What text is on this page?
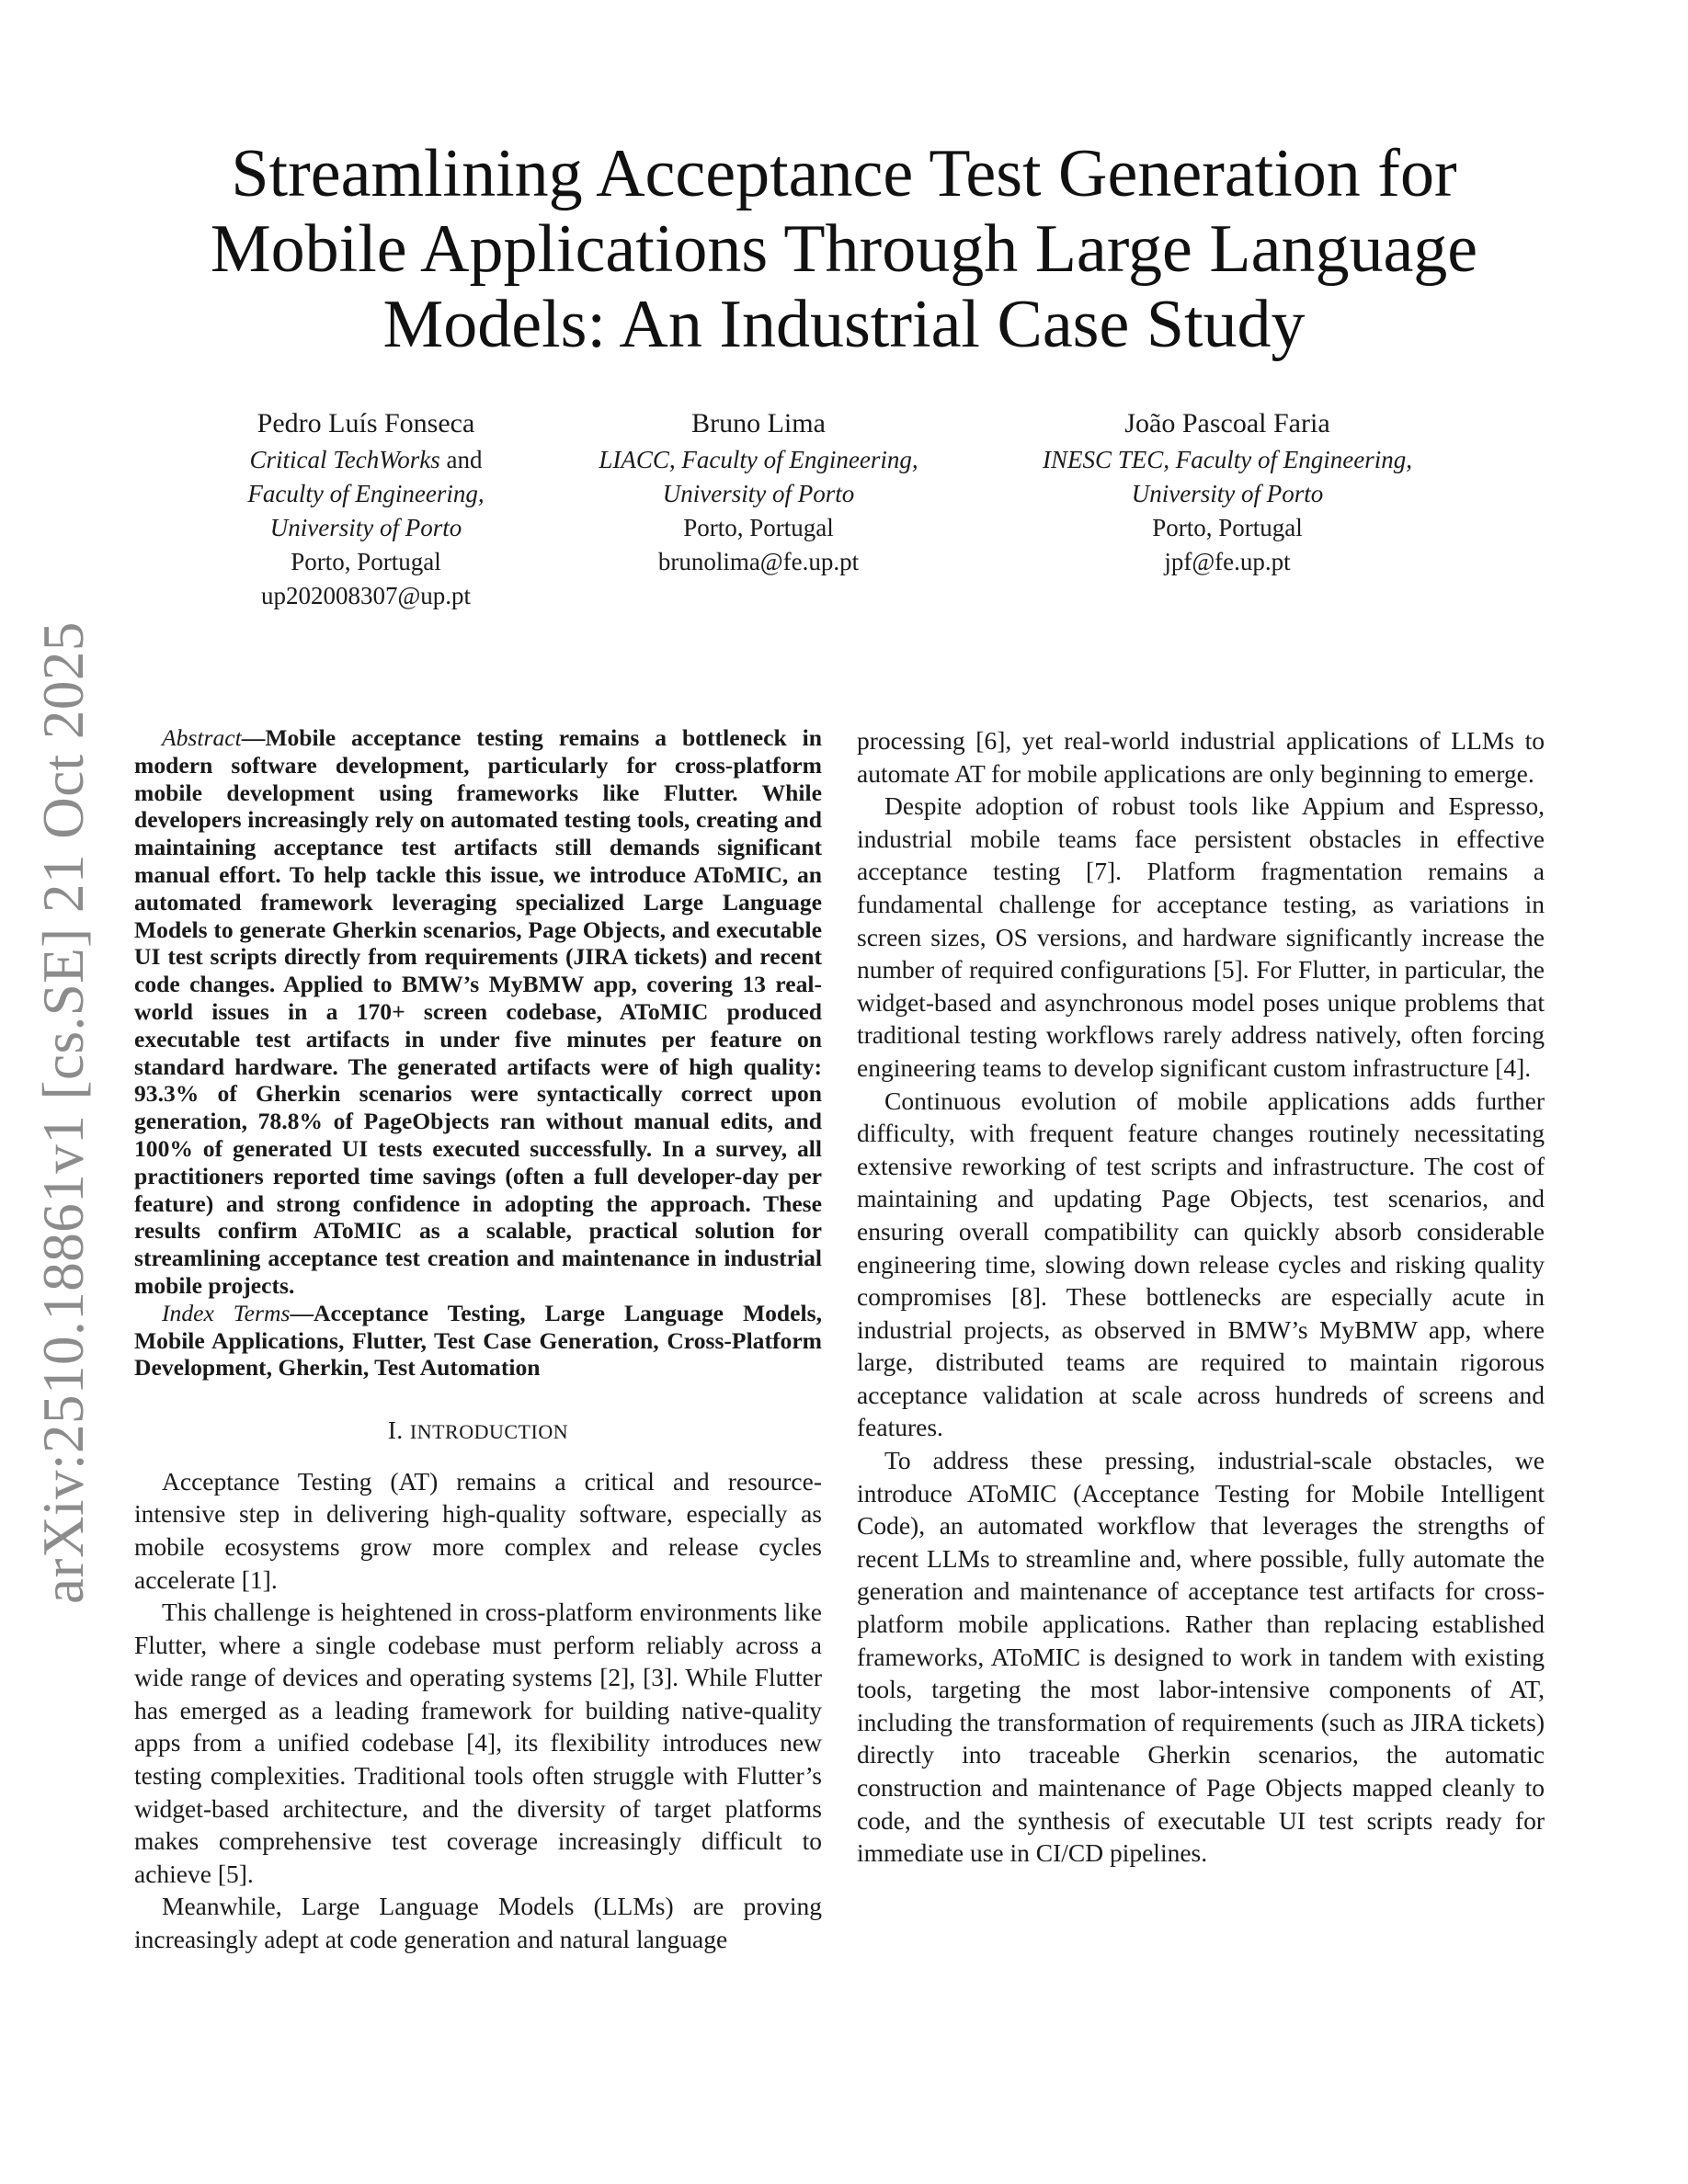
arXiv:2510.18861v1 [cs.SE] 21 Oct 2025
Streamlining Acceptance Test Generation for Mobile Applications Through Large Language Models: An Industrial Case Study
Pedro Luís Fonseca
Critical TechWorks and
Faculty of Engineering,
University of Porto
Porto, Portugal
up202008307@up.pt
Bruno Lima
LIACC, Faculty of Engineering,
University of Porto
Porto, Portugal
brunolima@fe.up.pt
João Pascoal Faria
INESC TEC, Faculty of Engineering,
University of Porto
Porto, Portugal
jpf@fe.up.pt

Abstract—Mobile acceptance testing remains a bottleneck in modern software development, particularly for cross-platform mobile development using frameworks like Flutter. While developers increasingly rely on automated testing tools, creating and maintaining acceptance test artifacts still demands significant manual effort. To help tackle this issue, we introduce AToMIC, an automated framework leveraging specialized Large Language Models to generate Gherkin scenarios, Page Objects, and executable UI test scripts directly from requirements (JIRA tickets) and recent code changes. Applied to BMW’s MyBMW app, covering 13 real-world issues in a 170+ screen codebase, AToMIC produced executable test artifacts in under five minutes per feature on standard hardware. The generated artifacts were of high quality: 93.3% of Gherkin scenarios were syntactically correct upon generation, 78.8% of PageObjects ran without manual edits, and 100% of generated UI tests executed successfully. In a survey, all practitioners reported time savings (often a full developer-day per feature) and strong confidence in adopting the approach. These results confirm AToMIC as a scalable, practical solution for streamlining acceptance test creation and maintenance in industrial mobile projects.

Index Terms—Acceptance Testing, Large Language Models, Mobile Applications, Flutter, Test Case Generation, Cross-Platform Development, Gherkin, Test Automation

I. INTRODUCTION

Acceptance Testing (AT) remains a critical and resource-intensive step in delivering high-quality software, especially as mobile ecosystems grow more complex and release cycles accelerate [1].

This challenge is heightened in cross-platform environments like Flutter, where a single codebase must perform reliably across a wide range of devices and operating systems [2], [3]. While Flutter has emerged as a leading framework for building native-quality apps from a unified codebase [4], its flexibility introduces new testing complexities. Traditional tools often struggle with Flutter’s widget-based architecture, and the diversity of target platforms makes comprehensive test coverage increasingly difficult to achieve [5].

Meanwhile, Large Language Models (LLMs) are proving increasingly adept at code generation and natural language

processing [6], yet real-world industrial applications of LLMs to automate AT for mobile applications are only beginning to emerge.

Despite adoption of robust tools like Appium and Espresso, industrial mobile teams face persistent obstacles in effective acceptance testing [7]. Platform fragmentation remains a fundamental challenge for acceptance testing, as variations in screen sizes, OS versions, and hardware significantly increase the number of required configurations [5]. For Flutter, in particular, the widget-based and asynchronous model poses unique problems that traditional testing workflows rarely address natively, often forcing engineering teams to develop significant custom infrastructure [4].

Continuous evolution of mobile applications adds further difficulty, with frequent feature changes routinely necessitating extensive reworking of test scripts and infrastructure. The cost of maintaining and updating Page Objects, test scenarios, and ensuring overall compatibility can quickly absorb considerable engineering time, slowing down release cycles and risking quality compromises [8]. These bottlenecks are especially acute in industrial projects, as observed in BMW’s MyBMW app, where large, distributed teams are required to maintain rigorous acceptance validation at scale across hundreds of screens and features.

To address these pressing, industrial-scale obstacles, we introduce AToMIC (Acceptance Testing for Mobile Intelligent Code), an automated workflow that leverages the strengths of recent LLMs to streamline and, where possible, fully automate the generation and maintenance of acceptance test artifacts for cross-platform mobile applications. Rather than replacing established frameworks, AToMIC is designed to work in tandem with existing tools, targeting the most labor-intensive components of AT, including the transformation of requirements (such as JIRA tickets) directly into traceable Gherkin scenarios, the automatic construction and maintenance of Page Objects mapped cleanly to code, and the synthesis of executable UI test scripts ready for immediate use in CI/CD pipelines.
